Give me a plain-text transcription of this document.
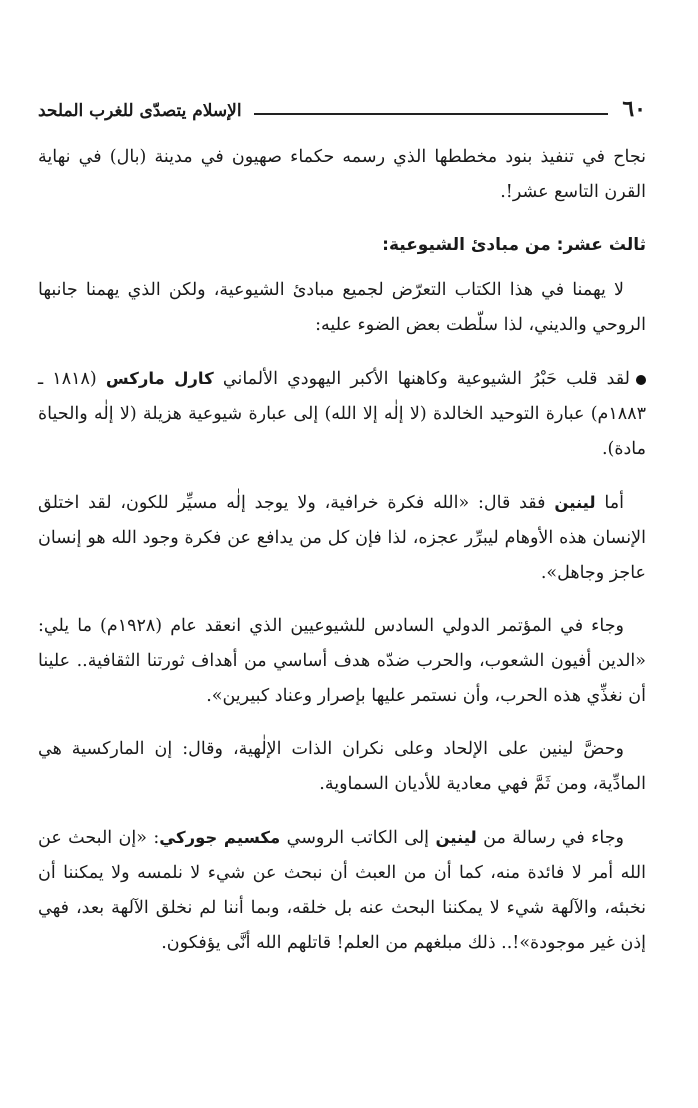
٦٠
الإسلام يتصدّى للغرب الملحد

نجاح في تنفيذ بنود مخططها الذي رسمه حكماء صهيون في مدينة (بال) في نهاية القرن التاسع عشر!.

ثالث عشر: من مبادئ الشيوعية:

لا يهمنا في هذا الكتاب التعرّض لجميع مبادئ الشيوعية، ولكن الذي يهمنا جانبها الروحي والديني، لذا سلّطت بعض الضوء عليه:

لقد قلب حَبْرُ الشيوعية وكاهنها الأكبر اليهودي الألماني كارل ماركس (١٨١٨ ـ ١٨٨٣م) عبارة التوحيد الخالدة (لا إلٰه إلا الله) إلى عبارة شيوعية هزيلة (لا إلٰه والحياة مادة).

أما لينين فقد قال: «الله فكرة خرافية، ولا يوجد إلٰه مسيِّر للكون، لقد اختلق الإنسان هذه الأوهام ليبرِّر عجزه، لذا فإن كل من يدافع عن فكرة وجود الله هو إنسان عاجز وجاهل».

وجاء في المؤتمر الدولي السادس للشيوعيين الذي انعقد عام (١٩٢٨م) ما يلي: «الدين أفيون الشعوب، والحرب ضدّه هدف أساسي من أهداف ثورتنا الثقافية.. علينا أن نغذِّي هذه الحرب، وأن نستمر عليها بإصرار وعناد كبيرين».

وحضَّ لينين على الإلحاد وعلى نكران الذات الإلٰهية، وقال: إن الماركسية هي المادِّية، ومن ثَمَّ فهي معادية للأديان السماوية.

وجاء في رسالة من لينين إلى الكاتب الروسي مكسيم جوركي: «إن البحث عن الله أمر لا فائدة منه، كما أن من العبث أن نبحث عن شيء لا نلمسه ولا يمكننا أن نخبئه، والآلهة شيء لا يمكننا البحث عنه بل خلقه، وبما أننا لم نخلق الآلهة بعد، فهي إذن غير موجودة»!.. ذلك مبلغهم من العلم! قاتلهم الله أنَّى يؤفكون.
